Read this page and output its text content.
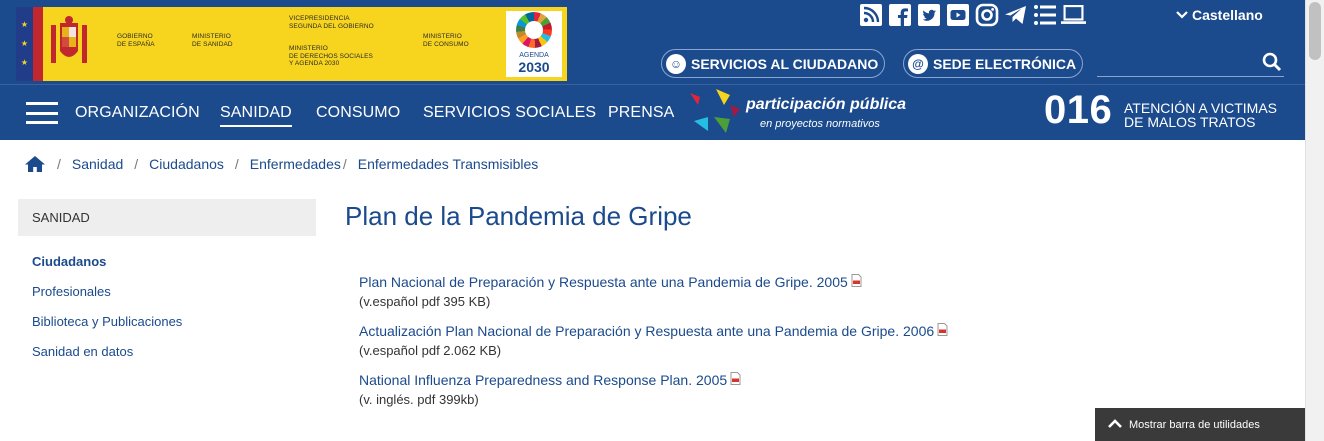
★
★
★
GOBIERNO
DE ESPAÑA
MINISTERIO
DE SANIDAD
VICEPRESIDENCIA
SEGUNDA DEL GOBIERNO
MINISTERIO
DE DERECHOS SOCIALES
Y AGENDA 2030
MINISTERIO
DE CONSUMO
AGENDA
2030
Castellano
☺ SERVICIOS AL CIUDADANO	@ SEDE ELECTRÓNICA
ORGANIZACIÓN SANIDAD CONSUMO SERVICIOS SOCIALES PRENSA	participación pública
en proyectos normativos	016 ATENCIÓN A VICTIMAS
DE MALOS TRATOS
/ Sanidad / Ciudadanos / Enfermedades / Enfermedades Transmisibles
SANIDAD
Ciudadanos
Profesionales
Biblioteca y Publicaciones
Sanidad en datos
Plan de la Pandemia de Gripe
Plan Nacional de Preparación y Respuesta ante una Pandemia de Gripe. 2005
(v.español pdf 395 KB)
Actualización Plan Nacional de Preparación y Respuesta ante una Pandemia de Gripe. 2006
(v.español pdf 2.062 KB)
National Influenza Preparedness and Response Plan. 2005
(v. inglés. pdf 399kb)
Mostrar barra de utilidades
